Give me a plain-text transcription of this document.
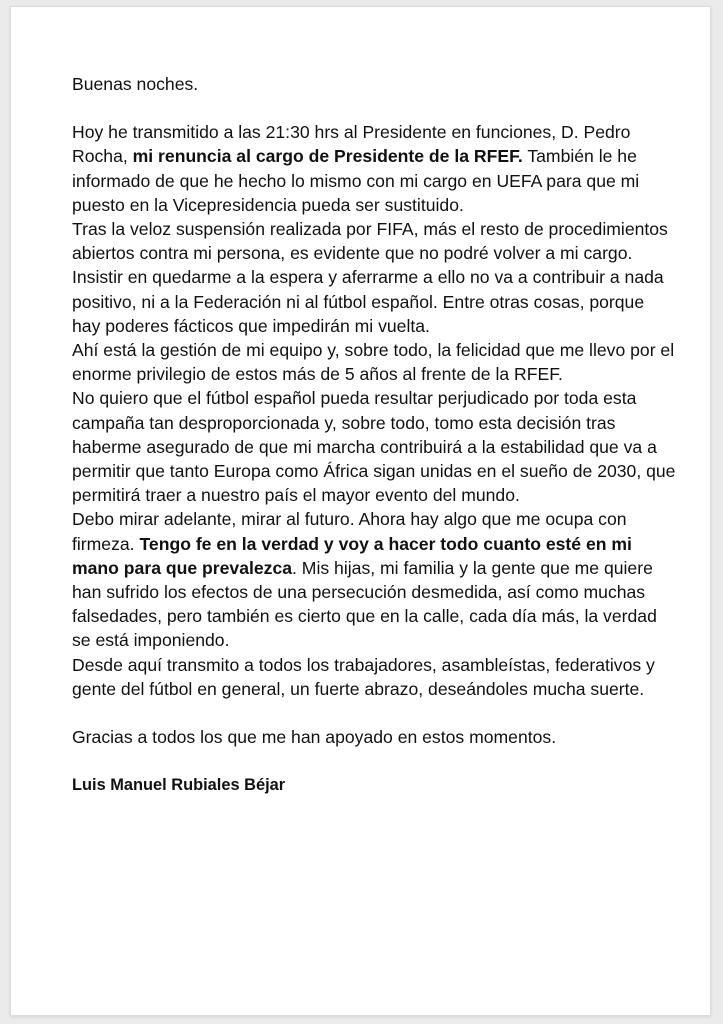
Buenas noches.

Hoy he transmitido a las 21:30 hrs al Presidente en funciones, D. Pedro Rocha, mi renuncia al cargo de Presidente de la RFEF. También le he informado de que he hecho lo mismo con mi cargo en UEFA para que mi puesto en la Vicepresidencia pueda ser sustituido.

Tras la veloz suspensión realizada por FIFA, más el resto de procedimientos abiertos contra mi persona, es evidente que no podré volver a mi cargo.

Insistir en quedarme a la espera y aferrarme a ello no va a contribuir a nada positivo, ni a la Federación ni al fútbol español. Entre otras cosas, porque hay poderes fácticos que impedirán mi vuelta.

Ahí está la gestión de mi equipo y, sobre todo, la felicidad que me llevo por el enorme privilegio de estos más de 5 años al frente de la RFEF.

No quiero que el fútbol español pueda resultar perjudicado por toda esta campaña tan desproporcionada y, sobre todo, tomo esta decisión tras haberme asegurado de que mi marcha contribuirá a la estabilidad que va a permitir que tanto Europa como África sigan unidas en el sueño de 2030, que permitirá traer a nuestro país el mayor evento del mundo.

Debo mirar adelante, mirar al futuro. Ahora hay algo que me ocupa con firmeza. Tengo fe en la verdad y voy a hacer todo cuanto esté en mi mano para que prevalezca. Mis hijas, mi familia y la gente que me quiere han sufrido los efectos de una persecución desmedida, así como muchas falsedades, pero también es cierto que en la calle, cada día más, la verdad se está imponiendo.

Desde aquí transmito a todos los trabajadores, asambleístas, federativos y gente del fútbol en general, un fuerte abrazo, deseándoles mucha suerte.

Gracias a todos los que me han apoyado en estos momentos.

Luis Manuel Rubiales Béjar
